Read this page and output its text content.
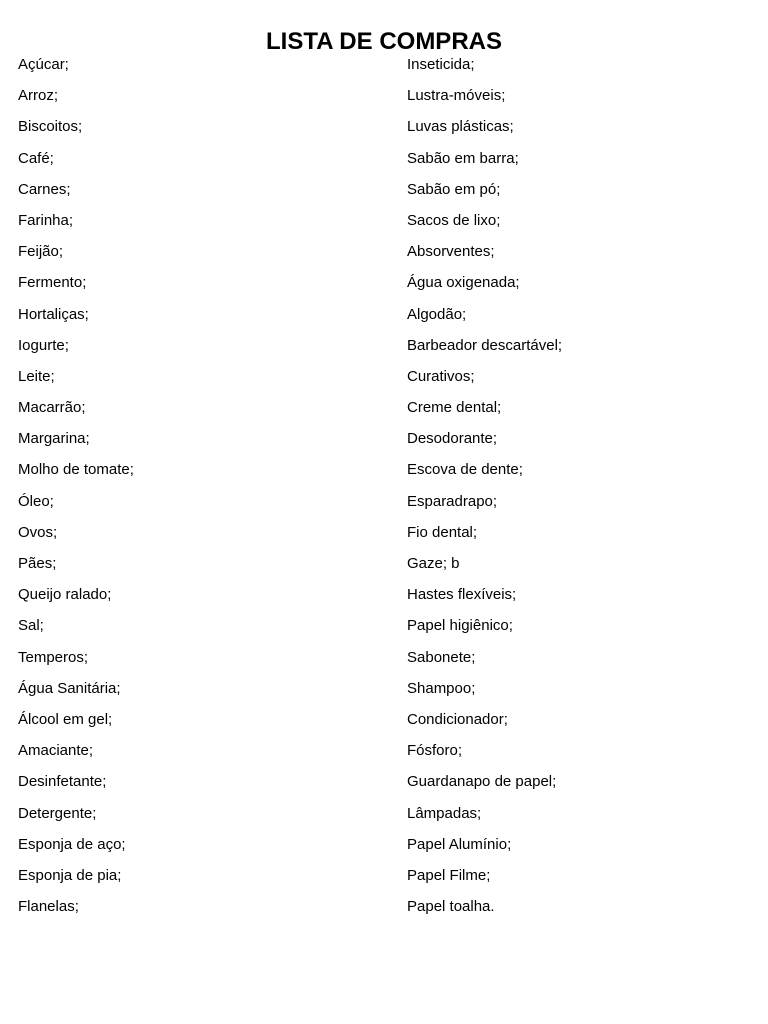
LISTA DE COMPRAS
Açúcar;
Arroz;
Biscoitos;
Café;
Carnes;
Farinha;
Feijão;
Fermento;
Hortaliças;
Iogurte;
Leite;
Macarrão;
Margarina;
Molho de tomate;
Óleo;
Ovos;
Pães;
Queijo ralado;
Sal;
Temperos;
Água Sanitária;
Álcool em gel;
Amaciante;
Desinfetante;
Detergente;
Esponja de aço;
Esponja de pia;
Flanelas;
Inseticida;
Lustra-móveis;
Luvas plásticas;
Sabão em barra;
Sabão em pó;
Sacos de lixo;
Absorventes;
Água oxigenada;
Algodão;
Barbeador descartável;
Curativos;
Creme dental;
Desodorante;
Escova de dente;
Esparadrapo;
Fio dental;
Gaze; b
Hastes flexíveis;
Papel higiênico;
Sabonete;
Shampoo;
Condicionador;
Fósforo;
Guardanapo de papel;
Lâmpadas;
Papel Alumínio;
Papel Filme;
Papel toalha.
